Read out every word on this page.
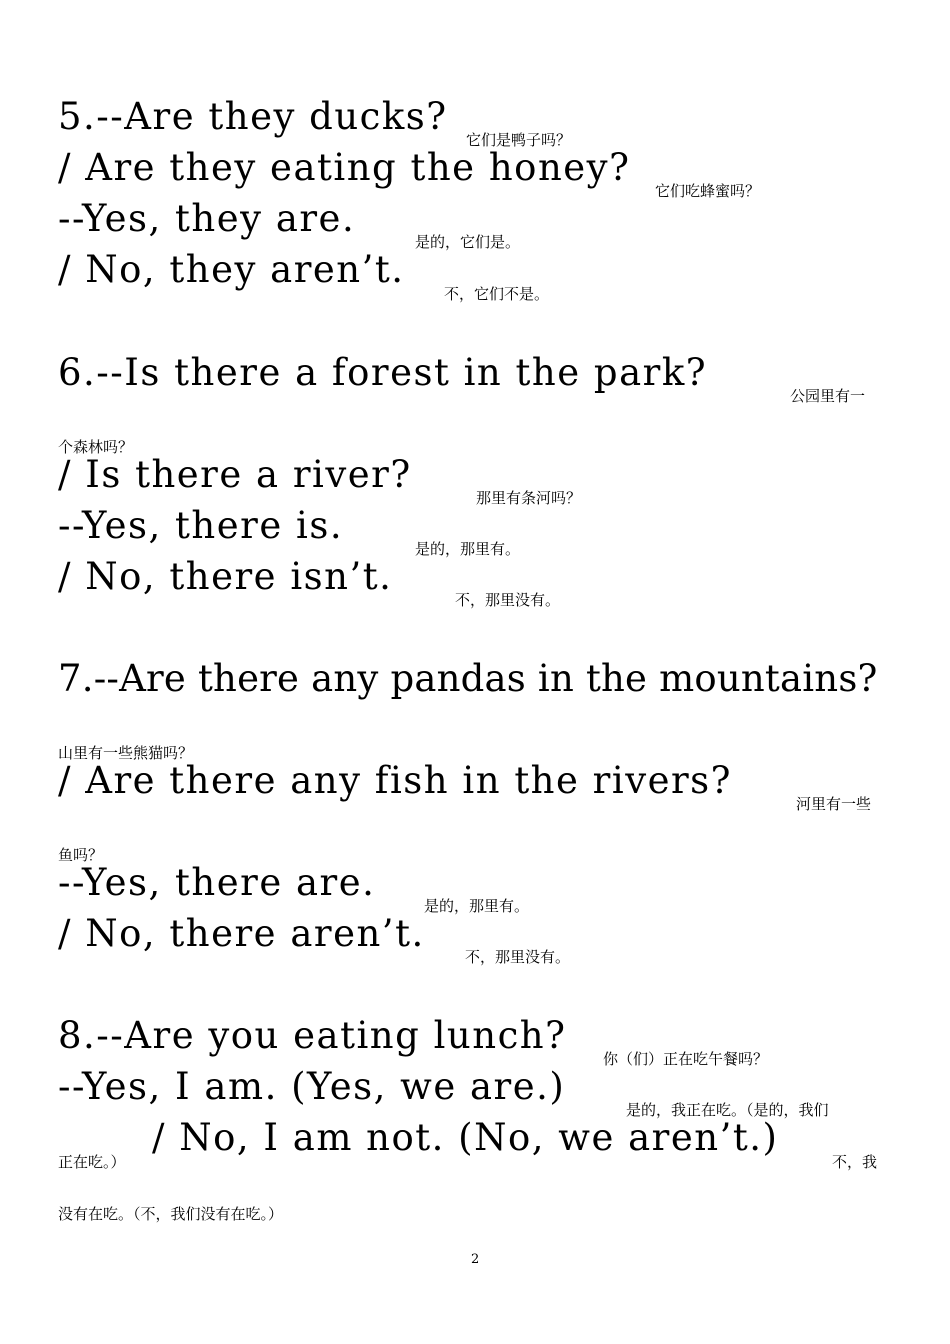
5.--Are they ducks?
它们是鸭子吗？
/ Are they eating the honey?
它们吃蜂蜜吗？
--Yes, they are.
是的，它们是。
/ No, they aren’t.
不，它们不是。
6.--Is there a forest in the park?
公园里有一
个森林吗？
/ Is there a river?
那里有条河吗？
--Yes, there is.
是的，那里有。
/ No, there isn’t.
不，那里没有。
7.--Are there any pandas in the mountains?
山里有一些熊猫吗？
/ Are there any fish in the rivers?
河里有一些
鱼吗？
--Yes, there are.
是的，那里有。
/ No, there aren’t.
不，那里没有。
8.--Are you eating lunch?
你（们）正在吃午餐吗？
--Yes, I am. (Yes, we are.)
是的，我正在吃。（是的，我们
正在吃。）
/ No, I am not. (No, we aren’t.)
不，我
没有在吃。（不，我们没有在吃。）
2
